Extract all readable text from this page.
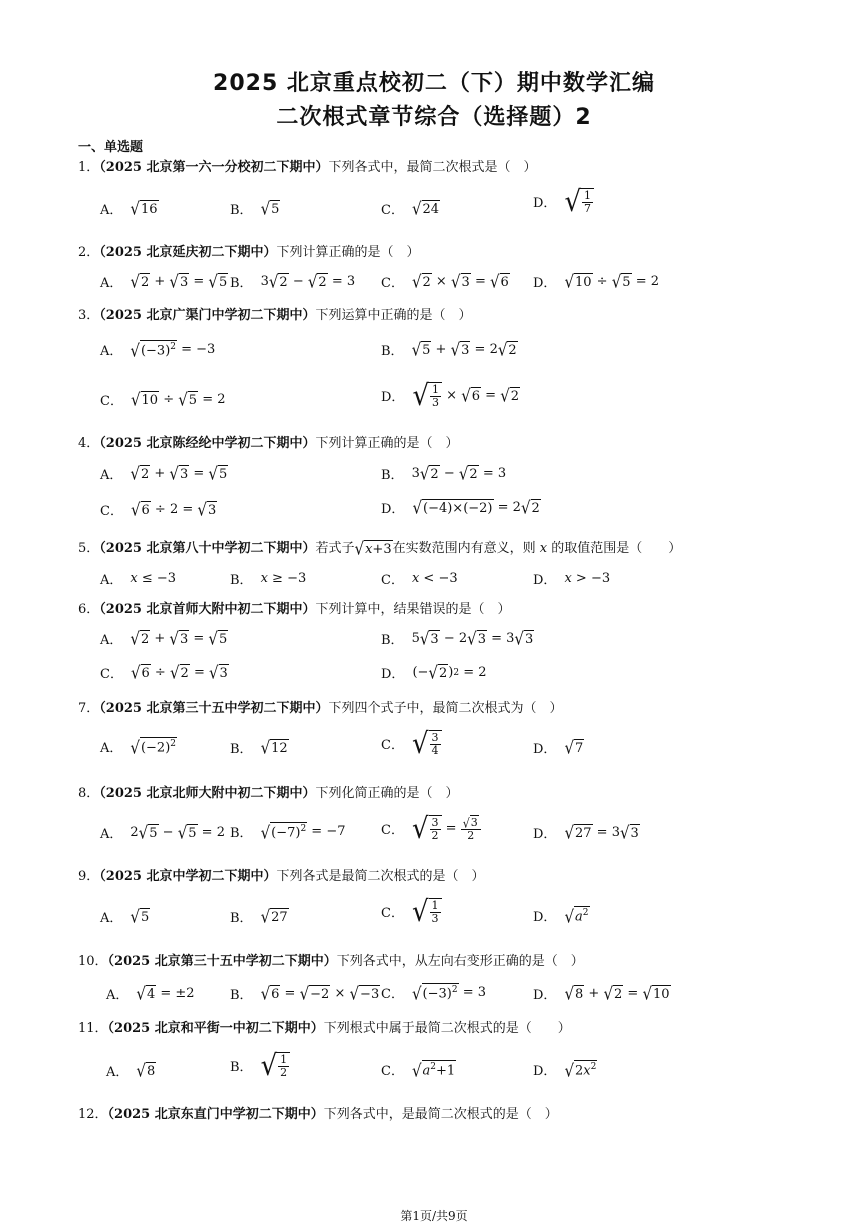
2025 北京重点校初二（下）期中数学汇编
二次根式章节综合（选择题）2
一、单选题
1．（2025 北京第一六一分校初二下期中）下列各式中，最简二次根式是（　）
A． √ 16	B． √ 5	C． √ 24	D． √ $\frac{1}{7}$
2．（2025 北京延庆初二下期中）下列计算正确的是（　）
A． √ 2 + √ 3 = √ 5 B． 3 √ 2 − √ 2 = 3 C． √ 2 × √ 3 = √ 6 D． √ 10 ÷ √ 5 = 2
3．（2025 北京广渠门中学初二下期中）下列运算中正确的是（　）
A． √ $(-3)^2 = -3$	B． √ 5 + √ 3 = 2 √ 2
C． √ 10 ÷ √ 5 = 2	D． √ $\frac{1}{3}$ × √ 6 = √ 2
4．（2025 北京陈经纶中学初二下期中）下列计算正确的是（　）
A． √ 2 + √ 3 = √ 5	B． 3 √ 2 − √ 2 = 3
C． √ 6 ÷ 2 = √ 3	D． √ (−4)×(−2) = 2 √ 2
5．（2025 北京第八十中学初二下期中）若式子 √ x+3 在实数范围内有意义，则 x 的取值范围是（　　）
A． x ≤ −3	B． x ≥ −3	C． x < −3	D． x > −3
6．（2025 北京首师大附中初二下期中）下列计算中，结果错误的是（　）
A． √ 2 + √ 3 = √ 5	B． 5 √ 3 − 2 √ 3 = 3 √ 3
C． √ 6 ÷ √ 2 = √ 3	D． (− √ 2 ) 2 = 2
7．（2025 北京第三十五中学初二下期中）下列四个式子中，最简二次根式为（　）
A． √ $(-2)^2$	B． √ 12	C． √ $\frac{3}{4}$	D． √ 7
8．（2025 北京北师大附中初二下期中）下列化简正确的是（　）
A． 2 √ 5 − √ 5 = 2 B． √ $(-7)^2 = -7$	C． √ $\frac{3}{2} = \frac{√ 3}{2}$	D． √ 27 = 3 √ 3
9．（2025 北京中学初二下期中）下列各式是最简二次根式的是（　）
A． √ 5	B． √ 27	C． √ $\frac{1}{3}$	D． √ $a^2$
10．（2025 北京第三十五中学初二下期中）下列各式中，从左向右变形正确的是（　）
A． √ 4 = ±2	B． √ 6 = √ −2 × √ −3 C． √ $(-3)^2 = 3$	D． √ 8 + √ 2 = √ 10
11．（2025 北京和平街一中初二下期中）下列根式中属于最简二次根式的是（　　）
A． √ 8	B． √ $\frac{1}{2}$	C． √ $a^2+1$	D． √ $2x^2$
12．（2025 北京东直门中学初二下期中）下列各式中，是最简二次根式的是（　）
第1页/共9页
